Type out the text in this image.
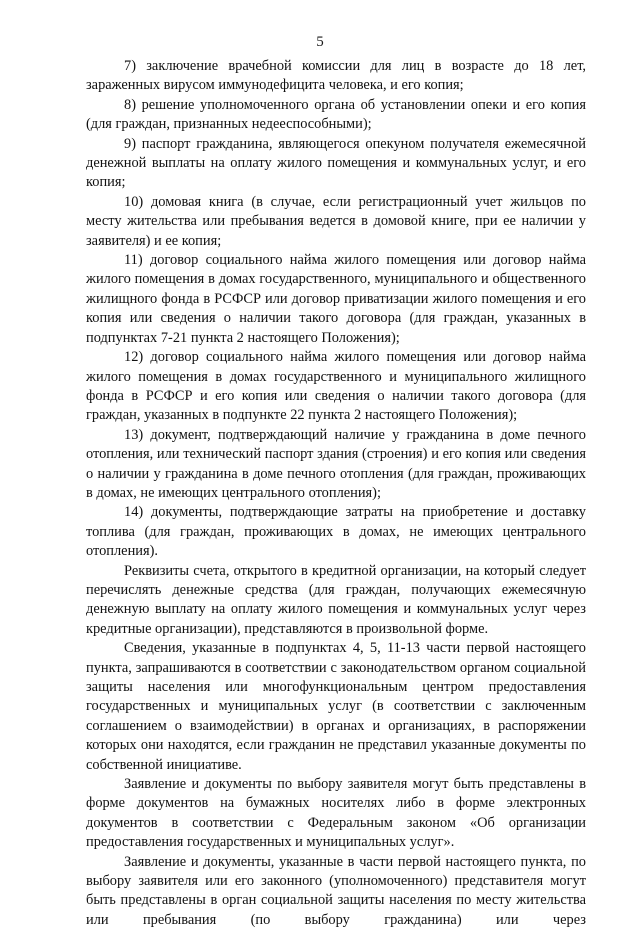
5

7) заключение врачебной комиссии для лиц в возрасте до 18 лет, зараженных вирусом иммунодефицита человека, и его копия;

8) решение уполномоченного органа об установлении опеки и его копия (для граждан, признанных недееспособными);

9) паспорт гражданина, являющегося опекуном получателя ежемесячной денежной выплаты на оплату жилого помещения и коммунальных услуг, и его копия;

10) домовая книга (в случае, если регистрационный учет жильцов по месту жительства или пребывания ведется в домовой книге, при ее наличии у заявителя) и ее копия;

11) договор социального найма жилого помещения или договор найма жилого помещения в домах государственного, муниципального и общественного жилищного фонда в РСФСР или договор приватизации жилого помещения и его копия или сведения о наличии такого договора (для граждан, указанных в подпунктах 7-21 пункта 2 настоящего Положения);

12) договор социального найма жилого помещения или договор найма жилого помещения в домах государственного и муниципального жилищного фонда в РСФСР и его копия или сведения о наличии такого договора (для граждан, указанных в подпункте 22 пункта 2 настоящего Положения);

13) документ, подтверждающий наличие у гражданина в доме печного отопления, или технический паспорт здания (строения) и его копия или сведения о наличии у гражданина в доме печного отопления (для граждан, проживающих в домах, не имеющих центрального отопления);

14) документы, подтверждающие затраты на приобретение и доставку топлива (для граждан, проживающих в домах, не имеющих центрального отопления).

Реквизиты счета, открытого в кредитной организации, на который следует перечислять денежные средства (для граждан, получающих ежемесячную денежную выплату на оплату жилого помещения и коммунальных услуг через кредитные организации), представляются в произвольной форме.

Сведения, указанные в подпунктах 4, 5, 11-13 части первой настоящего пункта, запрашиваются в соответствии с законодательством органом социальной защиты населения или многофункциональным центром предоставления государственных и муниципальных услуг (в соответствии с заключенным соглашением о взаимодействии) в органах и организациях, в распоряжении которых они находятся, если гражданин не представил указанные документы по собственной инициативе.

Заявление и документы по выбору заявителя могут быть представлены в форме документов на бумажных носителях либо в форме электронных документов в соответствии с Федеральным законом «Об организации предоставления государственных и муниципальных услуг».

Заявление и документы, указанные в части первой настоящего пункта, по выбору заявителя или его законного (уполномоченного) представителя могут быть представлены в орган социальной защиты населения по месту жительства или пребывания (по выбору гражданина) или через
